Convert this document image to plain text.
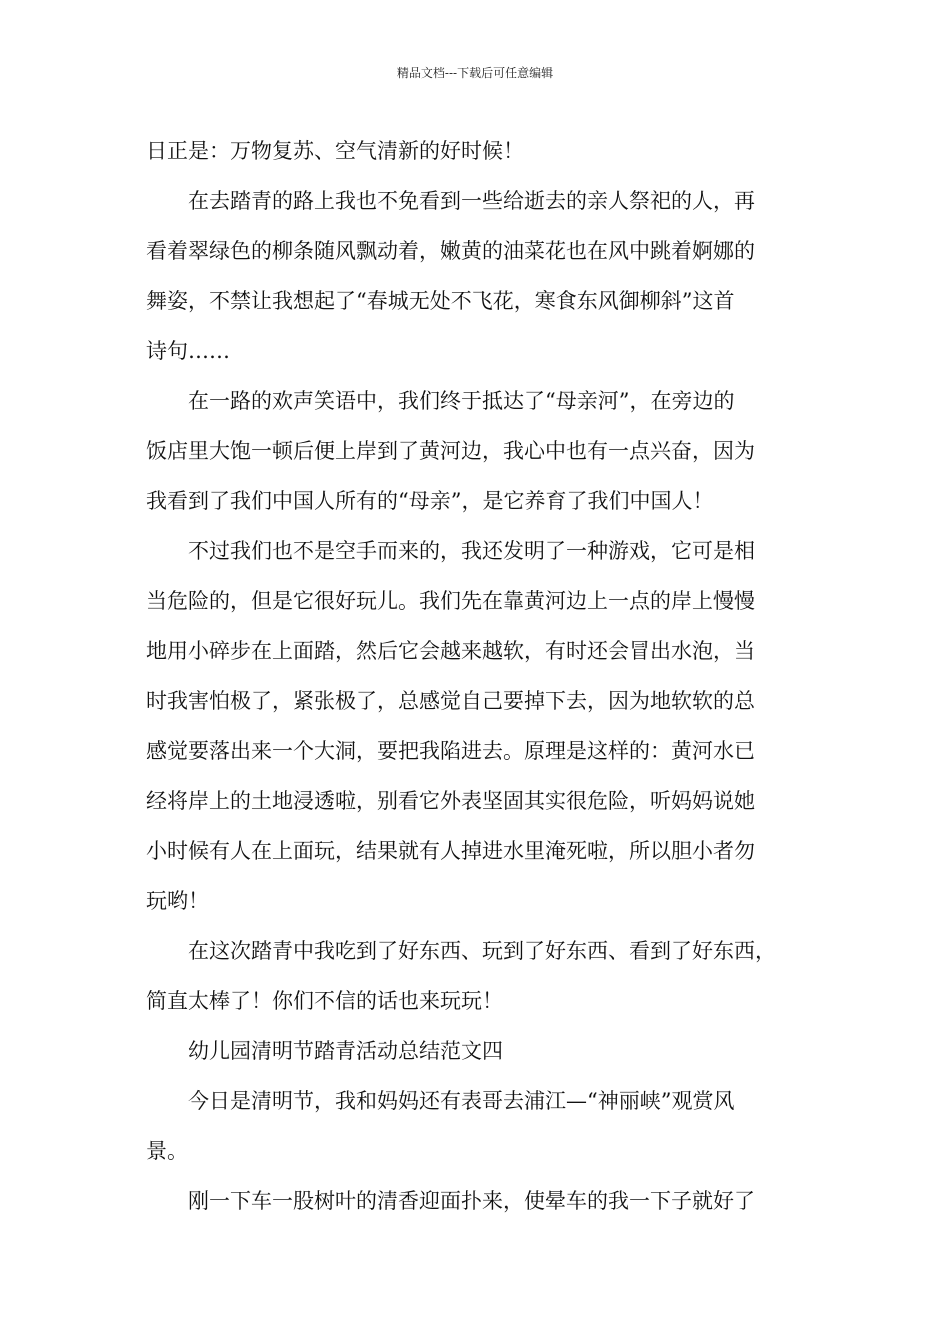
精品文档---下载后可任意编辑
日正是：万物复苏、空气清新的好时候！
在去踏青的路上我也不免看到一些给逝去的亲人祭祀的人，再
看着翠绿色的柳条随风飘动着，嫩黄的油菜花也在风中跳着婀娜的
舞姿，不禁让我想起了“春城无处不飞花，寒食东风御柳斜”这首
诗句……
在一路的欢声笑语中，我们终于抵达了“母亲河”，在旁边的
饭店里大饱一顿后便上岸到了黄河边，我心中也有一点兴奋，因为
我看到了我们中国人所有的“母亲”，是它养育了我们中国人！
不过我们也不是空手而来的，我还发明了一种游戏，它可是相
当危险的，但是它很好玩儿。我们先在靠黄河边上一点的岸上慢慢
地用小碎步在上面踏，然后它会越来越软，有时还会冒出水泡，当
时我害怕极了，紧张极了，总感觉自己要掉下去，因为地软软的总
感觉要落出来一个大洞，要把我陷进去。原理是这样的：黄河水已
经将岸上的土地浸透啦，别看它外表坚固其实很危险，听妈妈说她
小时候有人在上面玩，结果就有人掉进水里淹死啦，所以胆小者勿
玩哟！
在这次踏青中我吃到了好东西、玩到了好东西、看到了好东西，
简直太棒了！你们不信的话也来玩玩！
幼儿园清明节踏青活动总结范文四
今日是清明节，我和妈妈还有表哥去浦江—“神丽峡”观赏风
景。
刚一下车一股树叶的清香迎面扑来，使晕车的我一下子就好了
